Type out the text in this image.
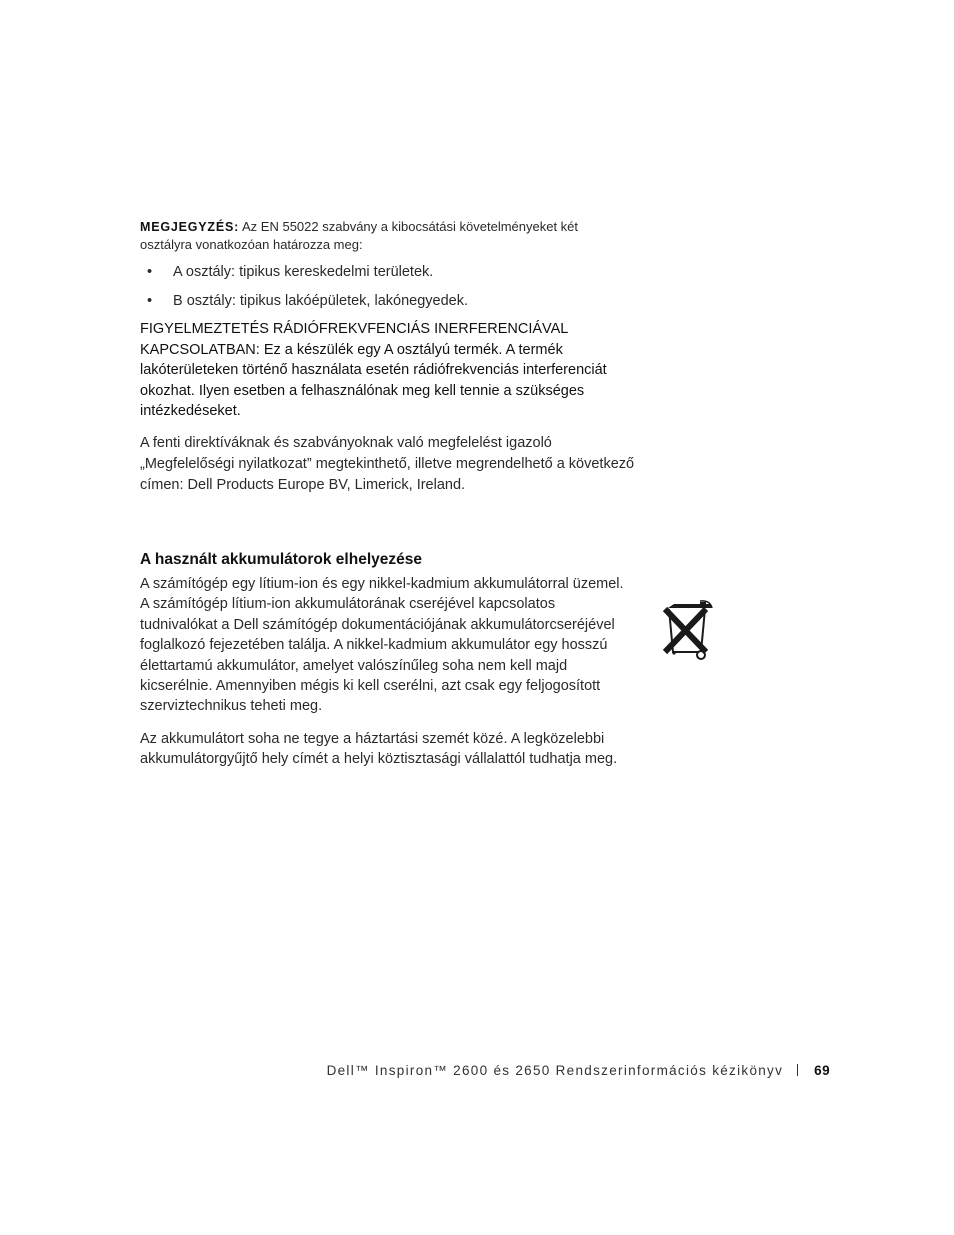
MEGJEGYZÉS: Az EN 55022 szabvány a kibocsátási követelményeket két osztályra vonatkozóan határozza meg:
• A osztály: tipikus kereskedelmi területek.
• B osztály: tipikus lakóépületek, lakónegyedek.
FIGYELMEZTETÉS RÁDIÓFREKVFENCIÁS INERFERENCIÁVAL KAPCSOLATBAN: Ez a készülék egy A osztályú termék. A termék lakóterületeken történő használata esetén rádiófrekvenciás interferenciát okozhat. Ilyen esetben a felhasználónak meg kell tennie a szükséges intézkedéseket.
A fenti direktíváknak és szabványoknak való megfelelést igazoló „Megfelelőségi nyilatkozat” megtekinthető, illetve megrendelhető a következő címen: Dell Products Europe BV, Limerick, Ireland.
A használt akkumulátorok elhelyezése
A számítógép egy lítium-ion és egy nikkel-kadmium akkumulátorral üzemel. A számítógép lítium-ion akkumulátorának cseréjével kapcsolatos tudnivalókat a Dell számítógép dokumentációjának akkumulátorcseréjével foglalkozó fejezetében találja. A nikkel-kadmium akkumulátor egy hosszú élettartamú akkumulátor, amelyet valószínűleg soha nem kell majd kicserélnie. Amennyiben mégis ki kell cserélni, azt csak egy feljogosított szerviztechnikus teheti meg.
Az akkumulátort soha ne tegye a háztartási szemét közé. A legközelebbi akkumulátorgyűjtő hely címét a helyi köztisztasági vállalattól tudhatja meg.
Dell™ Inspiron™ 2600 és 2650 Rendszerinformációs kézikönyv 69
